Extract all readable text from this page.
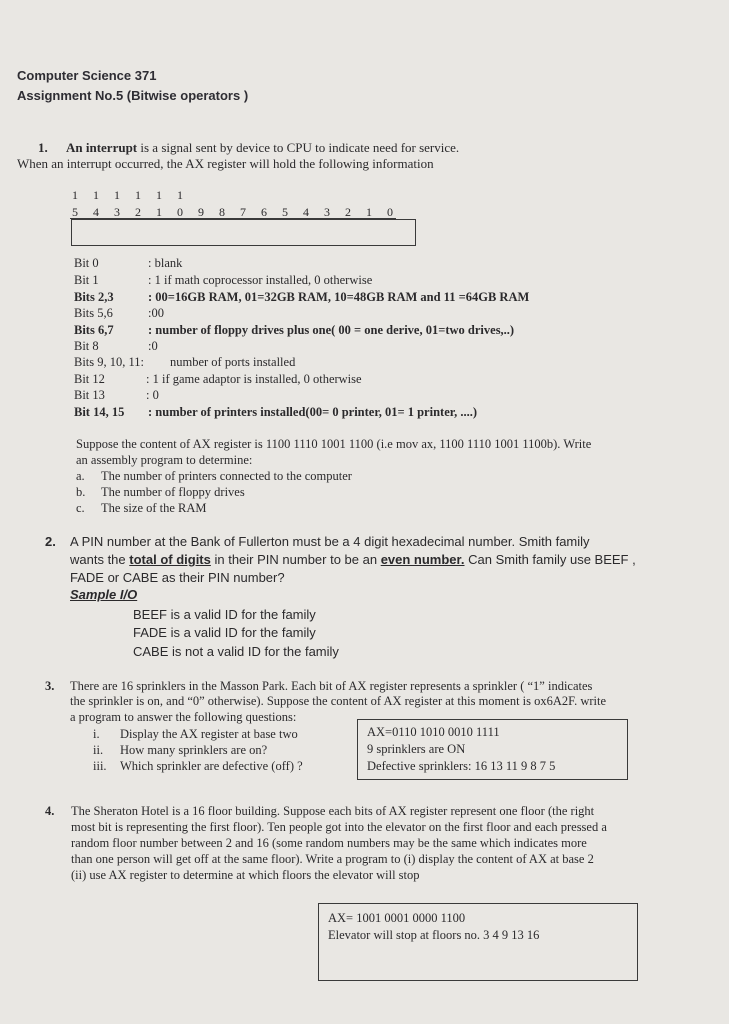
Computer Science 371
Assignment No.5 (Bitwise operators )
1. An interrupt is a signal sent by device to CPU to indicate need for service.
When an interrupt occurred, the AX register will hold the following information
1 1 1 1 1 1
5 4 3 2 1 0 9 8 7 6 5 4 3 2 1 0
Bit 0	: blank
Bit 1	: 1 if math coprocessor installed, 0 otherwise
Bits 2,3	: 00=16GB RAM, 01=32GB RAM, 10=48GB RAM and 11 =64GB RAM
Bits 5,6	:00
Bits 6,7	: number of floppy drives plus one( 00 = one derive, 01=two drives,..)
Bit 8	:0
Bits 9, 10, 11: number of ports installed
Bit 12	: 1 if game adaptor is installed, 0 otherwise
Bit 13	: 0
Bit 14, 15 : number of printers installed(00= 0 printer, 01= 1 printer, ....)
Suppose the content of AX register is 1100 1110 1001 1100 (i.e mov ax, 1100 1110 1001 1100b). Write
an assembly program to determine:
a. The number of printers connected to the computer
b. The number of floppy drives
c. The size of the RAM
2. A PIN number at the Bank of Fullerton must be a 4 digit hexadecimal number. Smith family
wants the total of digits in their PIN number to be an even number. Can Smith family use BEEF ,
FADE or CABE as their PIN number?
Sample I/O
BEEF is a valid ID for the family
FADE is a valid ID for the family
CABE is not a valid ID for the family
3. There are 16 sprinklers in the Masson Park. Each bit of AX register represents a sprinkler ( “1” indicates
the sprinkler is on, and “0” otherwise). Suppose the content of AX register at this moment is ox6A2F. write
a program to answer the following questions:
i. Display the AX register at base two
ii. How many sprinklers are on?
iii. Which sprinkler are defective (off) ?
AX=0110 1010 0010 1111
9 sprinklers are ON
Defective sprinklers: 16 13 11 9 8 7 5
4. The Sheraton Hotel is a 16 floor building. Suppose each bits of AX register represent one floor (the right
most bit is representing the first floor). Ten people got into the elevator on the first floor and each pressed a
random floor number between 2 and 16 (some random numbers may be the same which indicates more
than one person will get off at the same floor). Write a program to (i) display the content of AX at base 2
(ii) use AX register to determine at which floors the elevator will stop
AX= 1001 0001 0000 1100
Elevator will stop at floors no. 3 4 9 13 16
